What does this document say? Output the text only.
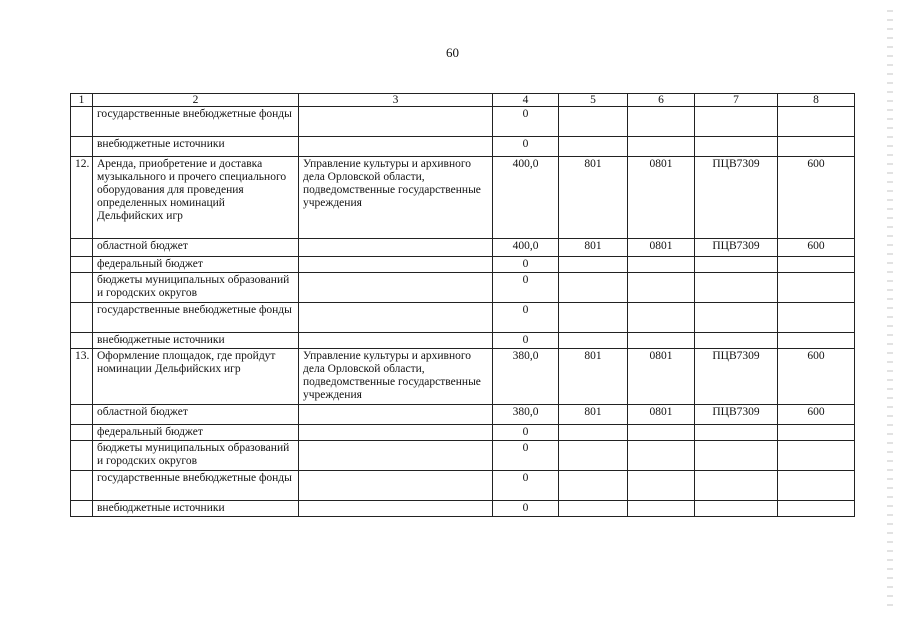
60
1	2	3	4	5	6	7	8
	государственные внебюджетные фонды		0				
	внебюджетные источники		0				
12.	Аренда, приобретение и доставка музыкального и прочего специального оборудования для проведения определенных номинаций Дельфийских игр	Управление культуры и архивного дела Орловской области, подведомственные государственные учреждения	400,0	801	0801	ПЦВ7309	600
	областной бюджет		400,0	801	0801	ПЦВ7309	600
	федеральный бюджет		0				
	бюджеты муниципальных образований и городских округов		0				
	государственные внебюджетные фонды		0				
	внебюджетные источники		0				
13.	Оформление площадок, где пройдут номинации Дельфийских игр	Управление культуры и архивного дела Орловской области, подведомственные государственные учреждения	380,0	801	0801	ПЦВ7309	600
	областной бюджет		380,0	801	0801	ПЦВ7309	600
	федеральный бюджет		0				
	бюджеты муниципальных образований и городских округов		0				
	государственные внебюджетные фонды		0				
	внебюджетные источники		0				
